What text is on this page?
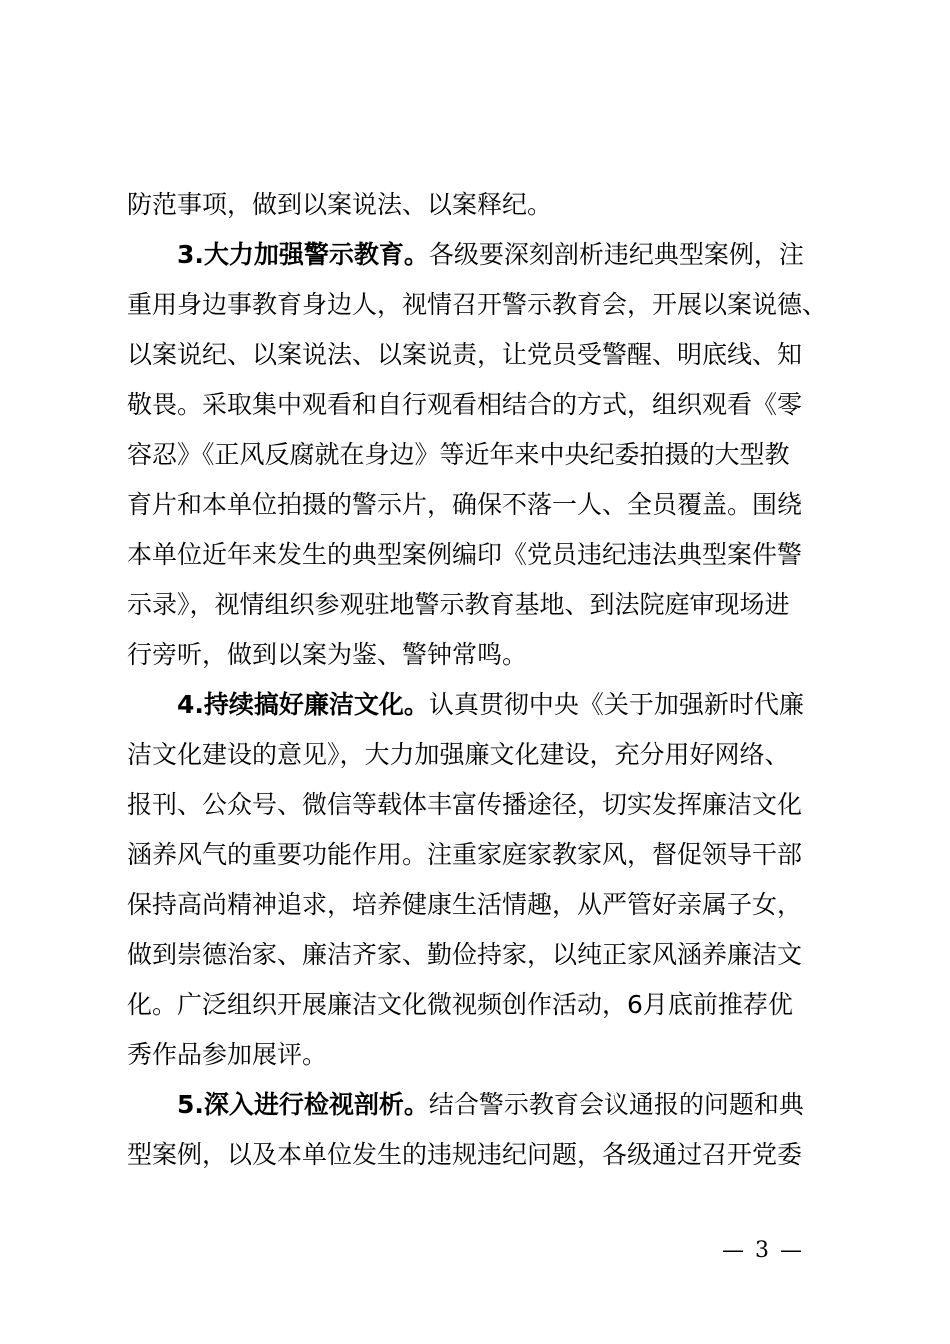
防范事项，做到以案说法、以案释纪。
3.大力加强警示教育。各级要深刻剖析违纪典型案例，注
重用身边事教育身边人，视情召开警示教育会，开展以案说德、
以案说纪、以案说法、以案说责，让党员受警醒、明底线、知
敬畏。采取集中观看和自行观看相结合的方式，组织观看《零
容忍》《正风反腐就在身边》等近年来中央纪委拍摄的大型教
育片和本单位拍摄的警示片，确保不落一人、全员覆盖。围绕
本单位近年来发生的典型案例编印《党员违纪违法典型案件警
示录》，视情组织参观驻地警示教育基地、到法院庭审现场进
行旁听，做到以案为鉴、警钟常鸣。
4.持续搞好廉洁文化。认真贯彻中央《关于加强新时代廉
洁文化建设的意见》，大力加强廉文化建设，充分用好网络、
报刊、公众号、微信等载体丰富传播途径，切实发挥廉洁文化
涵养风气的重要功能作用。注重家庭家教家风，督促领导干部
保持高尚精神追求，培养健康生活情趣，从严管好亲属子女，
做到崇德治家、廉洁齐家、勤俭持家，以纯正家风涵养廉洁文
化。广泛组织开展廉洁文化微视频创作活动，6月底前推荐优
秀作品参加展评。
5.深入进行检视剖析。结合警示教育会议通报的问题和典
型案例，以及本单位发生的违规违纪问题，各级通过召开党委
— 3 —
